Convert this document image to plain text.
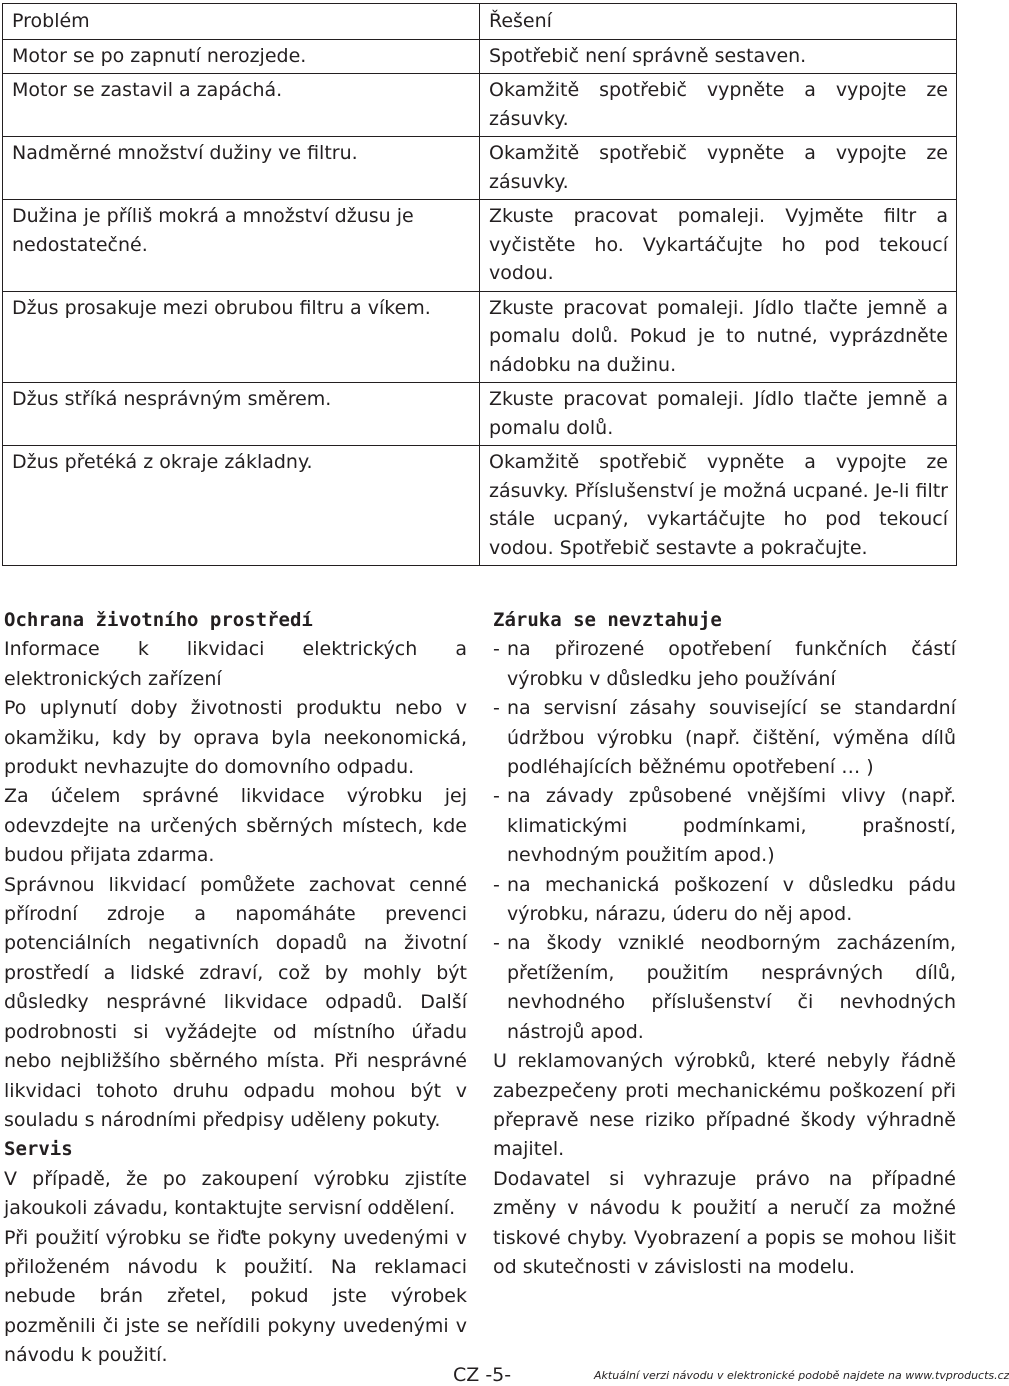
Problém	Řešení
Motor se po zapnutí nerozjede.	Spotřebič není správně sestaven.
Motor se zastavil a zapáchá.	Okamžitě spotřebič vypněte a vypojte ze zásuvky.
Nadměrné množství dužiny ve filtru.	Okamžitě spotřebič vypněte a vypojte ze zásuvky.
Dužina je příliš mokrá a množství džusu je nedostatečné.	Zkuste pracovat pomaleji. Vyjměte filtr a vyčistěte ho. Vykartáčujte ho pod tekoucí vodou.
Džus prosakuje mezi obrubou filtru a víkem.	Zkuste pracovat pomaleji. Jídlo tlačte jemně a pomalu dolů. Pokud je to nutné, vyprázdněte nádobku na dužinu.
Džus stříká nesprávným směrem.	Zkuste pracovat pomaleji. Jídlo tlačte jemně a pomalu dolů.
Džus přetéká z okraje základny.	Okamžitě spotřebič vypněte a vypojte ze zásuvky. Příslušenství je možná ucpané. Je-li filtr stále ucpaný, vykartáčujte ho pod tekoucí vodou. Spotřebič sestavte a pokračujte.
Ochrana životního prostředí
Informace k likvidaci elektrických a elektronických zařízení
Po uplynutí doby životnosti produktu nebo v okamžiku, kdy by oprava byla neekonomická, produkt nevhazujte do domovního odpadu.
Za účelem správné likvidace výrobku jej odevzdejte na určených sběrných místech, kde budou přijata zdarma.
Správnou likvidací pomůžete zachovat cenné přírodní zdroje a napomáháte prevenci potenciálních negativních dopadů na životní prostředí a lidské zdraví, což by mohly být důsledky nesprávné likvidace odpadů. Další podrobnosti si vyžádejte od místního úřadu nebo nejbližšího sběrného místa. Při nesprávné likvidaci tohoto druhu odpadu mohou být v souladu s národními předpisy uděleny pokuty.
Servis
V případě, že po zakoupení výrobku zjistíte jakoukoli závadu, kontaktujte servisní oddělení.
Při použití výrobku se řiďte pokyny uvedenými v přiloženém návodu k použití. Na reklamaci nebude brán zřetel, pokud jste výrobek pozměnili či jste se neřídili pokyny uvedenými v návodu k použití.
Záruka se nevztahuje
- na přirozené opotřebení funkčních částí výrobku v důsledku jeho používání
- na servisní zásahy související se standardní údržbou výrobku (např. čištění, výměna dílů podléhajících běžnému opotřebení … )
- na závady způsobené vnějšími vlivy (např. klimatickými podmínkami, prašností, nevhodným použitím apod.)
- na mechanická poškození v důsledku pádu výrobku, nárazu, úderu do něj apod.
- na škody vzniklé neodborným zacházením, přetížením, použitím nesprávných dílů, nevhodného příslušenství či nevhodných nástrojů apod.
U reklamovaných výrobků, které nebyly řádně zabezpečeny proti mechanickému poškození při přepravě nese riziko případné škody výhradně majitel.
Dodavatel si vyhrazuje právo na případné změny v návodu k použití a neručí za možné tiskové chyby. Vyobrazení a popis se mohou lišit od skutečnosti v závislosti na modelu.
CZ -5-	Aktuální verzi návodu v elektronické podobě najdete na www.tvproducts.cz
